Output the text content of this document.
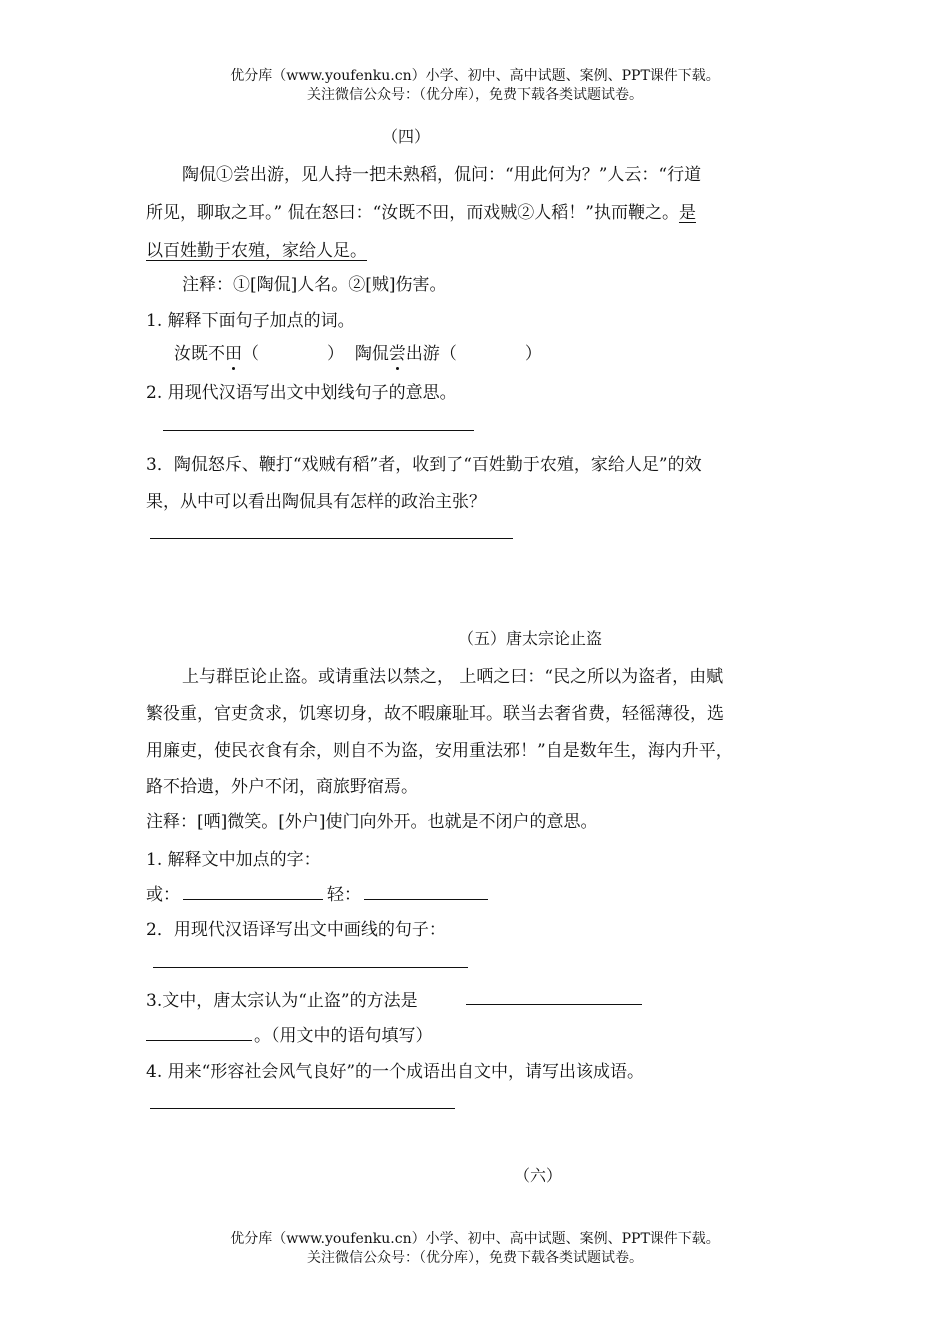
优分库（www.youfenku.cn）小学、初中、高中试题、案例、PPT课件下载。
关注微信公众号：（优分库），免费下载各类试题试卷。
（四）
陶侃①尝出游，见人持一把未熟稻，侃问：“用此何为？”人云：“行道
所见，聊取之耳。” 侃在怒曰：“汝既不田，而戏贼②人稻！”执而鞭之。是
以百姓勤于农殖，家给人足。
注释：①[陶侃]人名。②[贼]伤害。
1. 解释下面句子加点的词。
汝既不田（	） 陶侃尝出游（	）
2. 用现代汉语写出文中划线句子的意思。
3．陶侃怒斥、鞭打“戏贼有稻”者，收到了“百姓勤于农殖，家给人足”的效
果，从中可以看出陶侃具有怎样的政治主张？
（五）唐太宗论止盗
上与群臣论止盗。或请重法以禁之， 上哂之曰：“民之所以为盗者，由赋
繁役重，官吏贪求，饥寒切身，故不暇廉耻耳。联当去奢省费，轻徭薄役，选
用廉吏，使民衣食有余，则自不为盗，安用重法邪！”自是数年生，海内升平，
路不拾遗，外户不闭，商旅野宿焉。
注释：[哂]微笑。[外户]使门向外开。也就是不闭户的意思。
1. 解释文中加点的字：
或：	轻：
2．用现代汉语译写出文中画线的句子：
3.文中，唐太宗认为“止盗”的方法是
。（用文中的语句填写）
4. 用来“形容社会风气良好”的一个成语出自文中，请写出该成语。
（六）
优分库（www.youfenku.cn）小学、初中、高中试题、案例、PPT课件下载。
关注微信公众号：（优分库），免费下载各类试题试卷。
